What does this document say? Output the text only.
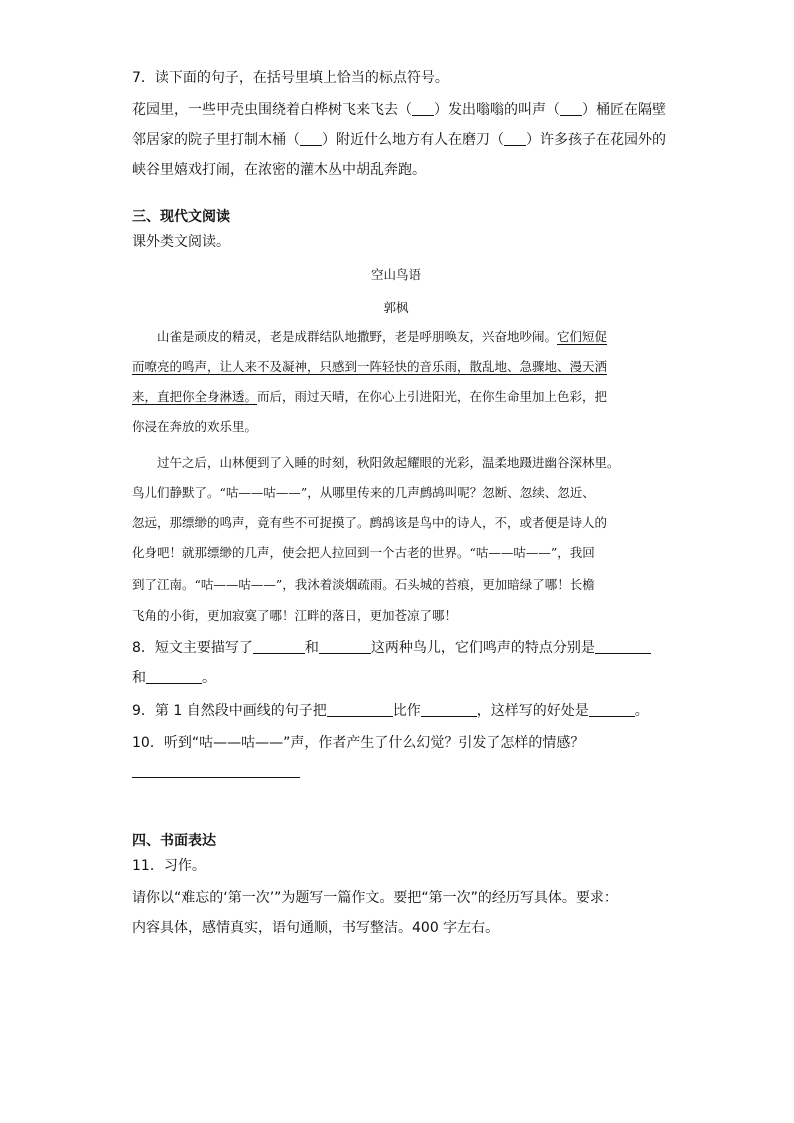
7．读下面的句子，在括号里填上恰当的标点符号。
花园里，一些甲壳虫围绕着白桦树飞来飞去（ ）发出嗡嗡的叫声（ ）桶匠在隔壁
邻居家的院子里打制木桶（ ）附近什么地方有人在磨刀（ ）许多孩子在花园外的
峡谷里嬉戏打闹，在浓密的灌木丛中胡乱奔跑。
三、现代文阅读
课外类文阅读。
空山鸟语
郭枫
山雀是顽皮的精灵，老是成群结队地撒野，老是呼朋唤友，兴奋地吵闹。它们短促
而嘹亮的鸣声，让人来不及凝神，只感到一阵轻快的音乐雨，散乱地、急骤地、漫天洒
来，直把你全身淋透。而后，雨过天晴，在你心上引进阳光，在你生命里加上色彩，把
你浸在奔放的欢乐里。
过午之后，山林便到了入睡的时刻，秋阳敛起耀眼的光彩，温柔地蹑进幽谷深林里。
鸟儿们静默了。“咕——咕——”，从哪里传来的几声鹧鸪叫呢？忽断、忽续、忽近、
忽远，那缥缈的鸣声，竟有些不可捉摸了。鹧鸪该是鸟中的诗人，不，或者便是诗人的
化身吧！就那缥缈的几声，使会把人拉回到一个古老的世界。“咕——咕——”，我回
到了江南。“咕——咕——”，我沐着淡烟疏雨。石头城的苔痕，更加暗绿了哪！长檐
飞角的小街，更加寂寞了哪！江畔的落日，更加苍凉了哪！
8．短文主要描写了	和	这两种鸟儿，它们鸣声的特点分别是
和	。
9．第 1 自然段中画线的句子把	比作	，这样写的好处是	。
10．听到“咕——咕——”声，作者产生了什么幻觉？引发了怎样的情感？
四、书面表达
11．习作。
请你以“难忘的‘第一次’”为题写一篇作文。要把“第一次”的经历写具体。要求：
内容具体，感情真实，语句通顺，书写整洁。400 字左右。
